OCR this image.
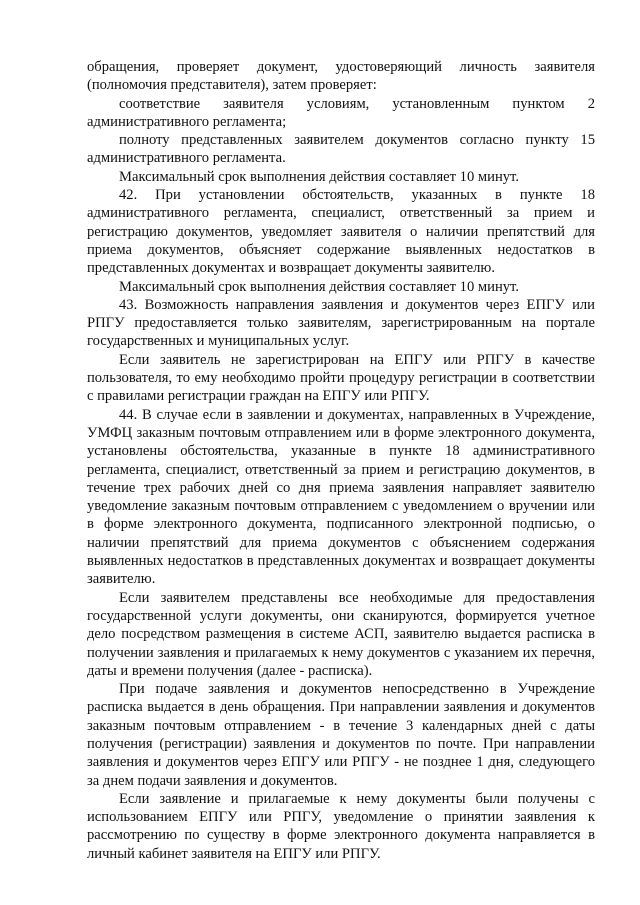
обращения, проверяет документ, удостоверяющий личность заявителя (полномочия представителя), затем проверяет:

соответствие заявителя условиям, установленным пунктом 2 административного регламента;

полноту представленных заявителем документов согласно пункту 15 административного регламента.

Максимальный срок выполнения действия составляет 10 минут.

42. При установлении обстоятельств, указанных в пункте 18 административного регламента, специалист, ответственный за прием и регистрацию документов, уведомляет заявителя о наличии препятствий для приема документов, объясняет содержание выявленных недостатков в представленных документах и возвращает документы заявителю.

Максимальный срок выполнения действия составляет 10 минут.

43. Возможность направления заявления и документов через ЕПГУ или РПГУ предоставляется только заявителям, зарегистрированным на портале государственных и муниципальных услуг.

Если заявитель не зарегистрирован на ЕПГУ или РПГУ в качестве пользователя, то ему необходимо пройти процедуру регистрации в соответствии с правилами регистрации граждан на ЕПГУ или РПГУ.

44. В случае если в заявлении и документах, направленных в Учреждение, УМФЦ заказным почтовым отправлением или в форме электронного документа, установлены обстоятельства, указанные в пункте 18 административного регламента, специалист, ответственный за прием и регистрацию документов, в течение трех рабочих дней со дня приема заявления направляет заявителю уведомление заказным почтовым отправлением с уведомлением о вручении или в форме электронного документа, подписанного электронной подписью, о наличии препятствий для приема документов с объяснением содержания выявленных недостатков в представленных документах и возвращает документы заявителю.

Если заявителем представлены все необходимые для предоставления государственной услуги документы, они сканируются, формируется учетное дело посредством размещения в системе АСП, заявителю выдается расписка в получении заявления и прилагаемых к нему документов с указанием их перечня, даты и времени получения (далее - расписка).

При подаче заявления и документов непосредственно в Учреждение расписка выдается в день обращения. При направлении заявления и документов заказным почтовым отправлением - в течение 3 календарных дней с даты получения (регистрации) заявления и документов по почте. При направлении заявления и документов через ЕПГУ или РПГУ - не позднее 1 дня, следующего за днем подачи заявления и документов.

Если заявление и прилагаемые к нему документы были получены с использованием ЕПГУ или РПГУ, уведомление о принятии заявления к рассмотрению по существу в форме электронного документа направляется в личный кабинет заявителя на ЕПГУ или РПГУ.
